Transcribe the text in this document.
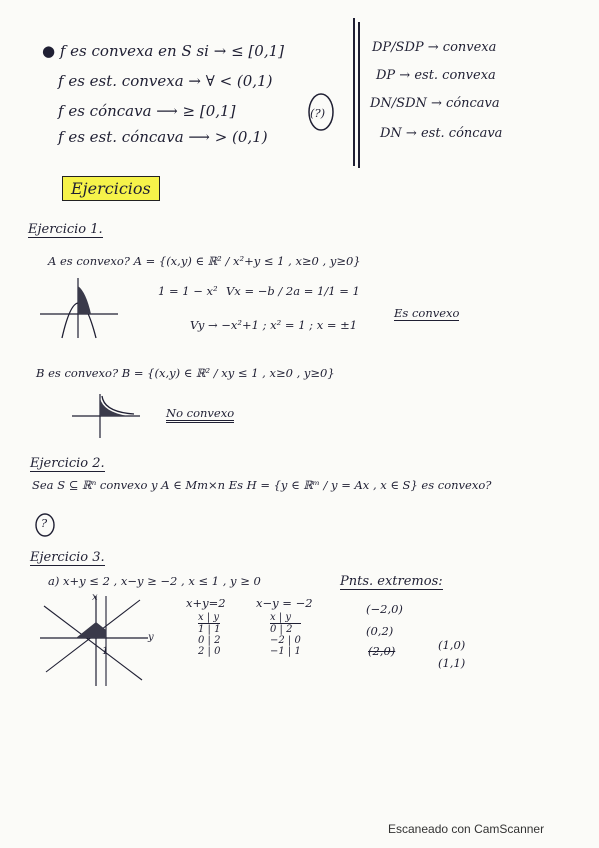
● f es convexa en S si → ≤ [0,1]
f es est. convexa → ∀ < (0,1)
f es cóncava ⟶ ≥ [0,1]
f es est. cóncava ⟶ > (0,1)
(?)
DP/SDP → convexa
DP → est. convexa
DN/SDN → cóncava
DN → est. cóncava
Ejercicios
Ejercicio 1.
A es convexo? A = {(x,y) ∈ ℝ² / x²+y ≤ 1 , x≥0 , y≥0}
1 = 1 − x² Vx = −b / 2a = 1/1 = 1
Vy → −x²+1 ; x² = 1 ; x = ±1
Es convexo
B es convexo? B = {(x,y) ∈ ℝ² / xy ≤ 1 , x≥0 , y≥0}
No convexo
Ejercicio 2.
Sea S ⊆ ℝⁿ convexo y A ∈ Mm×n Es H = {y ∈ ℝᵐ / y = Ax , x ∈ S} es convexo?
?
Ejercicio 3.
a) x+y ≤ 2 , x−y ≥ −2 , x ≤ 1 , y ≥ 0
x
y
1
x+y=2
x | y
1 | 1
0 | 2
2 | 0
x−y = −2
x | y
0 | 2
−2 | 0
−1 | 1
Pnts. extremos:
(−2,0)
(0,2)
(2,0)	(1,0)
(1,1)
Escaneado con CamScanner
